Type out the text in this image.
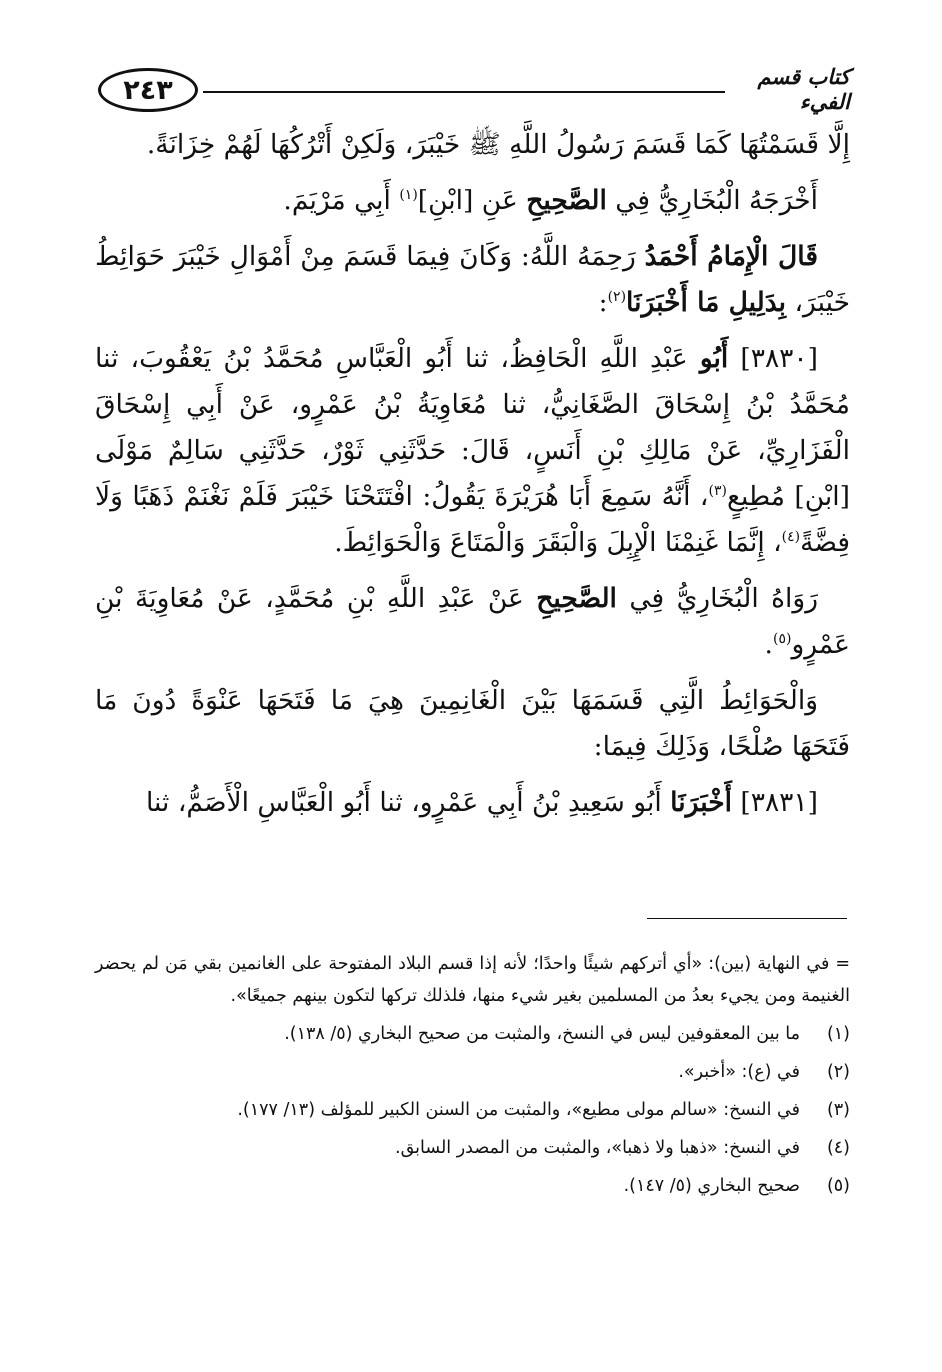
٢٤٣	كتاب قسم الفيء

إِلَّا قَسَمْتُهَا كَمَا قَسَمَ رَسُولُ اللَّهِ ﷺ خَيْبَرَ، وَلَكِنْ أَتْرُكُهَا لَهُمْ خِزَانَةً.

أَخْرَجَهُ الْبُخَارِيُّ فِي الصَّحِيحِ عَنِ [ابْنِ]$^{(١)}$ أَبِي مَرْيَمَ.

قَالَ الْإِمَامُ أَحْمَدُ رَحِمَهُ اللَّهُ: وَكَانَ فِيمَا قَسَمَ مِنْ أَمْوَالِ خَيْبَرَ حَوَائِطُ خَيْبَرَ، بِدَلِيلِ مَا أَخْبَرَنَا$^{(٢)}$:

[٣٨٣٠] أَبُو عَبْدِ اللَّهِ الْحَافِظُ، ثنا أَبُو الْعَبَّاسِ مُحَمَّدُ بْنُ يَعْقُوبَ، ثنا مُحَمَّدُ بْنُ إِسْحَاقَ الصَّغَانِيُّ، ثنا مُعَاوِيَةُ بْنُ عَمْرٍو، عَنْ أَبِي إِسْحَاقَ الْفَزَارِيِّ، عَنْ مَالِكِ بْنِ أَنَسٍ، قَالَ: حَدَّثَنِي ثَوْرٌ، حَدَّثَنِي سَالِمٌ مَوْلَى [ابْنِ] مُطِيعٍ$^{(٣)}$، أَنَّهُ سَمِعَ أَبَا هُرَيْرَةَ يَقُولُ: افْتَتَحْنَا خَيْبَرَ فَلَمْ نَغْنَمْ ذَهَبًا وَلَا فِضَّةً$^{(٤)}$، إِنَّمَا غَنِمْنَا الْإِبِلَ وَالْبَقَرَ وَالْمَتَاعَ وَالْحَوَائِطَ.

رَوَاهُ الْبُخَارِيُّ فِي الصَّحِيحِ عَنْ عَبْدِ اللَّهِ بْنِ مُحَمَّدٍ، عَنْ مُعَاوِيَةَ بْنِ عَمْرٍو$^{(٥)}$.

وَالْحَوَائِطُ الَّتِي قَسَمَهَا بَيْنَ الْغَانِمِينَ هِيَ مَا فَتَحَهَا عَنْوَةً دُونَ مَا فَتَحَهَا صُلْحًا، وَذَلِكَ فِيمَا:

[٣٨٣١] أَخْبَرَنَا أَبُو سَعِيدِ بْنُ أَبِي عَمْرٍو، ثنا أَبُو الْعَبَّاسِ الْأَصَمُّ، ثنا

= في النهاية (بين): «أي أتركهم شيئًا واحدًا؛ لأنه إذا قسم البلاد المفتوحة على الغانمين بقي مَن لم يحضر الغنيمة ومن يجيء بعدُ من المسلمين بغير شيء منها، فلذلك تركها لتكون بينهم جميعًا».
(١)
ما بين المعقوفين ليس في النسخ، والمثبت من صحيح البخاري (٥/ ١٣٨).
(٢)
في (ع): «أخبر».
(٣)
في النسخ: «سالم مولى مطيع»، والمثبت من السنن الكبير للمؤلف (١٣/ ١٧٧).
(٤)
في النسخ: «ذهبا ولا ذهبا»، والمثبت من المصدر السابق.
(٥)
صحيح البخاري (٥/ ١٤٧).
